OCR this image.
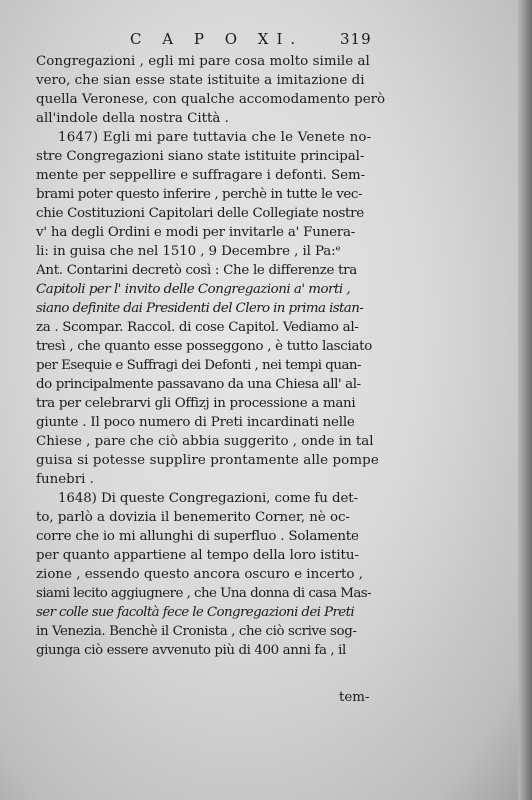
C A P O XI. 319
Congregazioni , egli mi pare cosa molto simile al
vero, che sian esse state istituite a imitazione di
quella Veronese, con qualche accomodamento però
all'indole della nostra Città .
1647) Egli mi pare tuttavia che le Venete no-
stre Congregazioni siano state istituite principal-
mente per seppellire e suffragare i defonti. Sem-
brami poter questo inferire , perchè in tutte le vec-
chie Costituzioni Capitolari delle Collegiate nostre
v' ha degli Ordini e modi per invitarle a' Funera-
li: in guisa che nel 1510 , 9 Decembre , il Pa:ᵉ
Ant. Contarini decretò così : Che le differenze tra
Capitoli per l' invito delle Congregazioni a' morti ,
siano definite dai Presidenti del Clero in prima istan-
za . Scompar. Raccol. di cose Capitol. Vediamo al-
tresì , che quanto esse posseggono , è tutto lasciato
per Esequie e Suffragi dei Defonti , nei tempi quan-
do principalmente passavano da una Chiesa all' al-
tra per celebrarvi gli Offizj in processione a mani
giunte . Il poco numero di Preti incardinati nelle
Chiese , pare che ciò abbia suggerito , onde in tal
guisa si potesse supplire prontamente alle pompe
funebri .
1648) Di queste Congregazioni, come fu det-
to, parlò a dovizia il benemerito Corner, nè oc-
corre che io mi allunghi di superfluo . Solamente
per quanto appartiene al tempo della loro istitu-
zione , essendo questo ancora oscuro e incerto ,
siami lecito aggiugnere , che Una donna di casa Mas-
ser colle sue facoltà fece le Congregazioni dei Preti
in Venezia. Benchè il Cronista , che ciò scrive sog-
giunga ciò essere avvenuto più di 400 anni fa , il
tem-
